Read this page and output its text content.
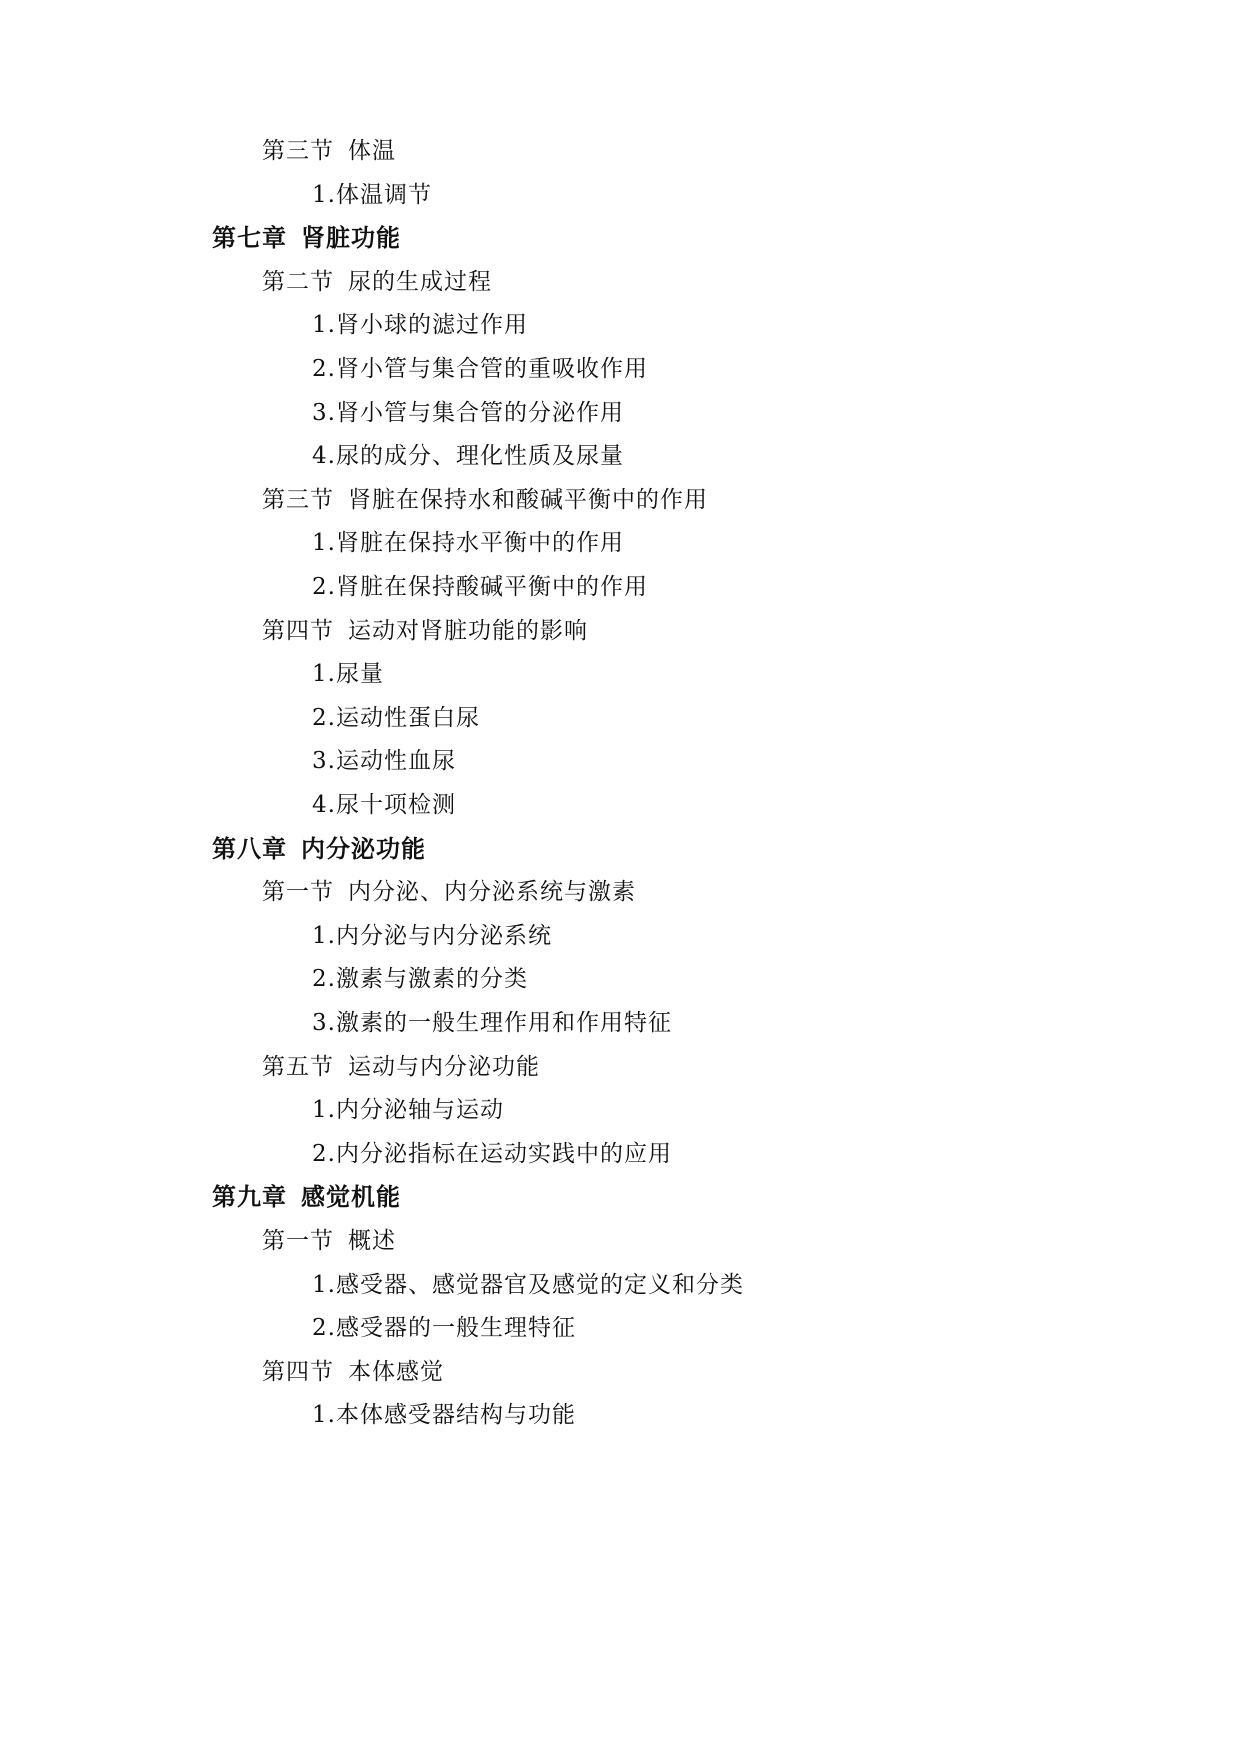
第三节 体温
1.体温调节
第七章 肾脏功能
第二节 尿的生成过程
1.肾小球的滤过作用
2.肾小管与集合管的重吸收作用
3.肾小管与集合管的分泌作用
4.尿的成分、理化性质及尿量
第三节 肾脏在保持水和酸碱平衡中的作用
1.肾脏在保持水平衡中的作用
2.肾脏在保持酸碱平衡中的作用
第四节 运动对肾脏功能的影响
1.尿量
2.运动性蛋白尿
3.运动性血尿
4.尿十项检测
第八章 内分泌功能
第一节 内分泌、内分泌系统与激素
1.内分泌与内分泌系统
2.激素与激素的分类
3.激素的一般生理作用和作用特征
第五节 运动与内分泌功能
1.内分泌轴与运动
2.内分泌指标在运动实践中的应用
第九章 感觉机能
第一节 概述
1.感受器、感觉器官及感觉的定义和分类
2.感受器的一般生理特征
第四节 本体感觉
1.本体感受器结构与功能
